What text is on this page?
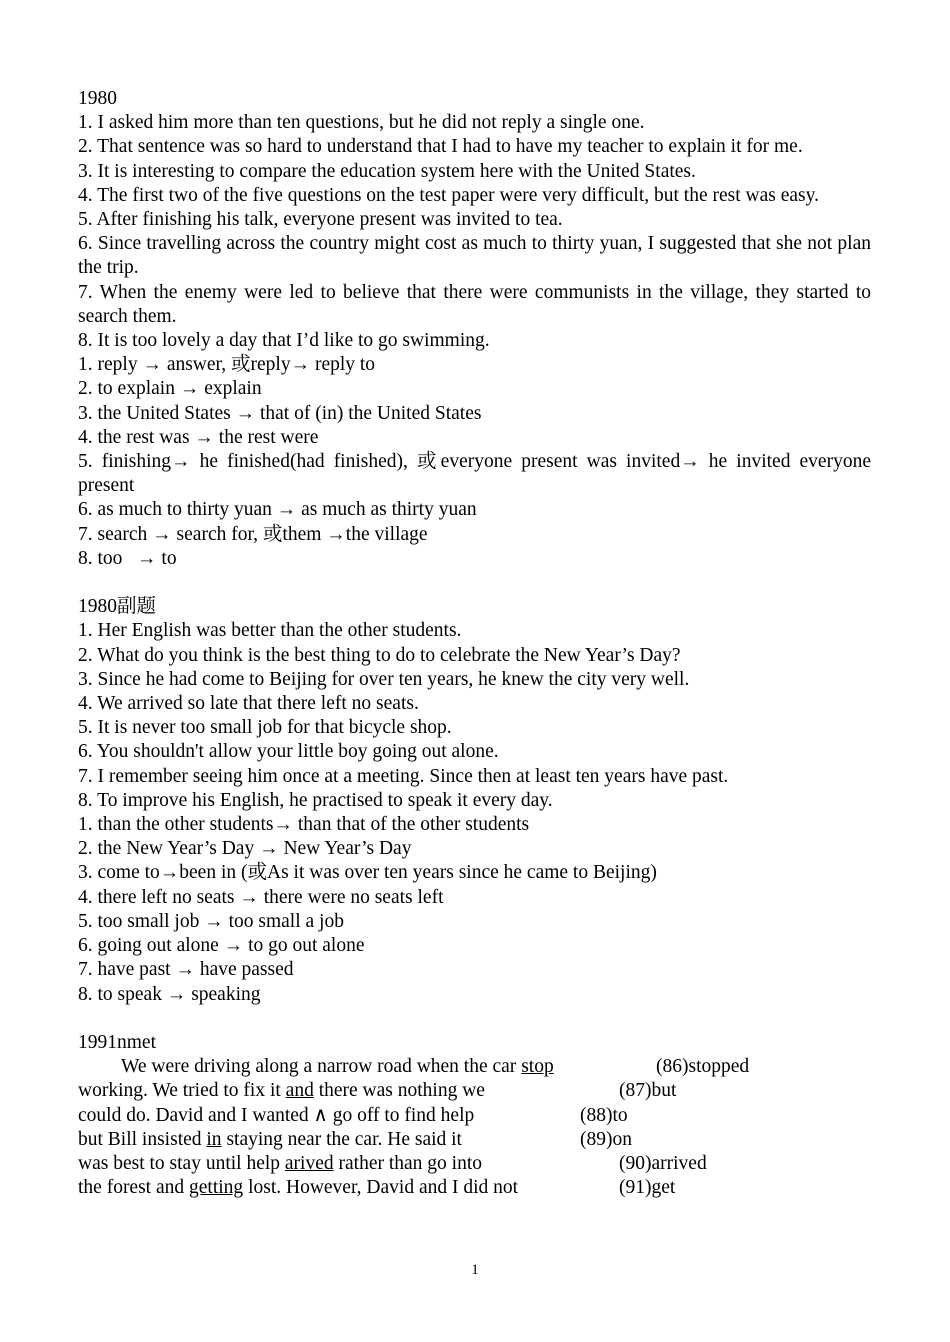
1980

1. I asked him more than ten questions, but he did not reply a single one.

2. That sentence was so hard to understand that I had to have my teacher to explain it for me.

3. It is interesting to compare the education system here with the United States.

4. The first two of the five questions on the test paper were very difficult, but the rest was easy.

5. After finishing his talk, everyone present was invited to tea.

6. Since travelling across the country might cost as much to thirty yuan, I suggested that she not plan the trip.

7. When the enemy were led to believe that there were communists in the village, they started to search them.

8. It is too lovely a day that I’d like to go swimming.

1. reply → answer, 或reply→ reply to

2. to explain → explain

3. the United States → that of (in) the United States

4. the rest was → the rest were

5. finishing→ he finished(had finished), 或everyone present was invited→ he invited everyone present

6. as much to thirty yuan → as much as thirty yuan

7. search → search for, 或them →the village

8. too   → to

1980副题

1. Her English was better than the other students.

2. What do you think is the best thing to do to celebrate the New Year’s Day?

3. Since he had come to Beijing for over ten years, he knew the city very well.

4. We arrived so late that there left no seats.

5. It is never too small job for that bicycle shop.

6. You shouldn't allow your little boy going out alone.

7. I remember seeing him once at a meeting. Since then at least ten years have past.

8. To improve his English, he practised to speak it every day.

1. than the other students→ than that of the other students

2. the New Year’s Day → New Year’s Day

3. come to→been in (或As it was over ten years since he came to Beijing)

4. there left no seats → there were no seats left

5. too small job → too small a job

6. going out alone → to go out alone

7. have past → have passed

8. to speak → speaking

1991nmet

We were driving along a narrow road when the car stop	(86)stopped
working. We tried to fix it and there was nothing we	(87)but
could do. David and I wanted ∧ go off to find help	(88)to
but Bill insisted in staying near the car. He said it	(89)on
was best to stay until help arived rather than go into	(90)arrived
the forest and getting lost. However, David and I did not	(91)get
1
